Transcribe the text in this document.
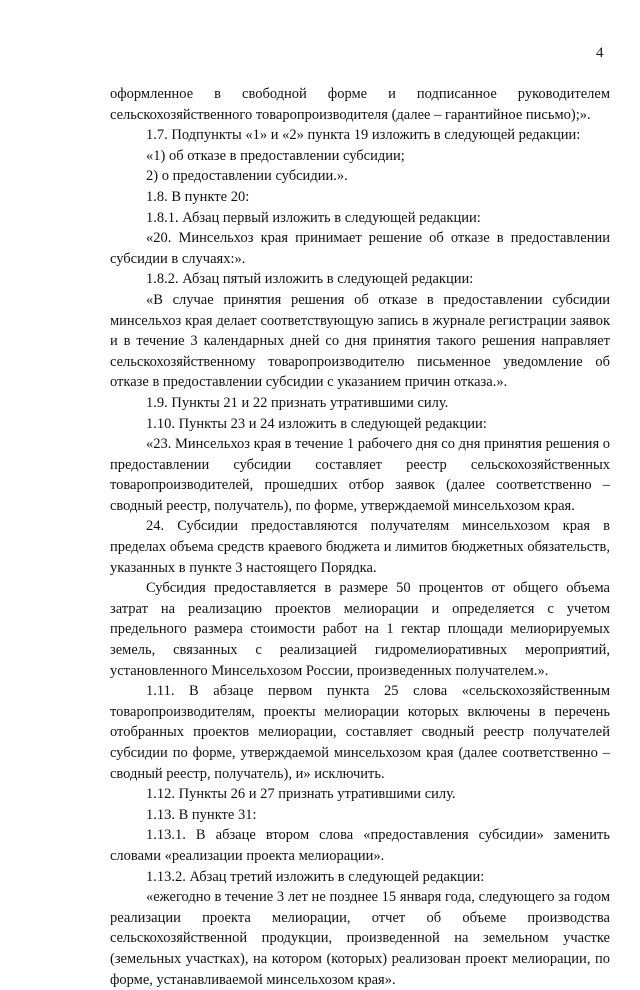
4

оформленное в свободной форме и подписанное руководителем сельскохозяйственного товаропроизводителя (далее – гарантийное письмо);».

1.7. Подпункты «1» и «2» пункта 19 изложить в следующей редакции:

«1) об отказе в предоставлении субсидии;

2) о предоставлении субсидии.».

1.8. В пункте 20:

1.8.1. Абзац первый изложить в следующей редакции:

«20. Минсельхоз края принимает решение об отказе в предоставлении субсидии в случаях:».

1.8.2. Абзац пятый изложить в следующей редакции:

«В случае принятия решения об отказе в предоставлении субсидии минсельхоз края делает соответствующую запись в журнале регистрации заявок и в течение 3 календарных дней со дня принятия такого решения направляет сельскохозяйственному товаропроизводителю письменное уведомление об отказе в предоставлении субсидии с указанием причин отказа.».

1.9. Пункты 21 и 22 признать утратившими силу.

1.10. Пункты 23 и 24 изложить в следующей редакции:

«23. Минсельхоз края в течение 1 рабочего дня со дня принятия решения о предоставлении субсидии составляет реестр сельскохозяйственных товаропроизводителей, прошедших отбор заявок (далее соответственно – сводный реестр, получатель), по форме, утверждаемой минсельхозом края.

24. Субсидии предоставляются получателям минсельхозом края в пределах объема средств краевого бюджета и лимитов бюджетных обязательств, указанных в пункте 3 настоящего Порядка.

Субсидия предоставляется в размере 50 процентов от общего объема затрат на реализацию проектов мелиорации и определяется с учетом предельного размера стоимости работ на 1 гектар площади мелиорируемых земель, связанных с реализацией гидромелиоративных мероприятий, установленного Минсельхозом России, произведенных получателем.».

1.11. В абзаце первом пункта 25 слова «сельскохозяйственным товаропроизводителям, проекты мелиорации которых включены в перечень отобранных проектов мелиорации, составляет сводный реестр получателей субсидии по форме, утверждаемой минсельхозом края (далее соответственно – сводный реестр, получатель), и» исключить.

1.12. Пункты 26 и 27 признать утратившими силу.

1.13. В пункте 31:

1.13.1. В абзаце втором слова «предоставления субсидии» заменить словами «реализации проекта мелиорации».

1.13.2. Абзац третий изложить в следующей редакции:

«ежегодно в течение 3 лет не позднее 15 января года, следующего за годом реализации проекта мелиорации, отчет об объеме производства сельскохозяйственной продукции, произведенной на земельном участке (земельных участках), на котором (которых) реализован проект мелиорации, по форме, устанавливаемой минсельхозом края».
